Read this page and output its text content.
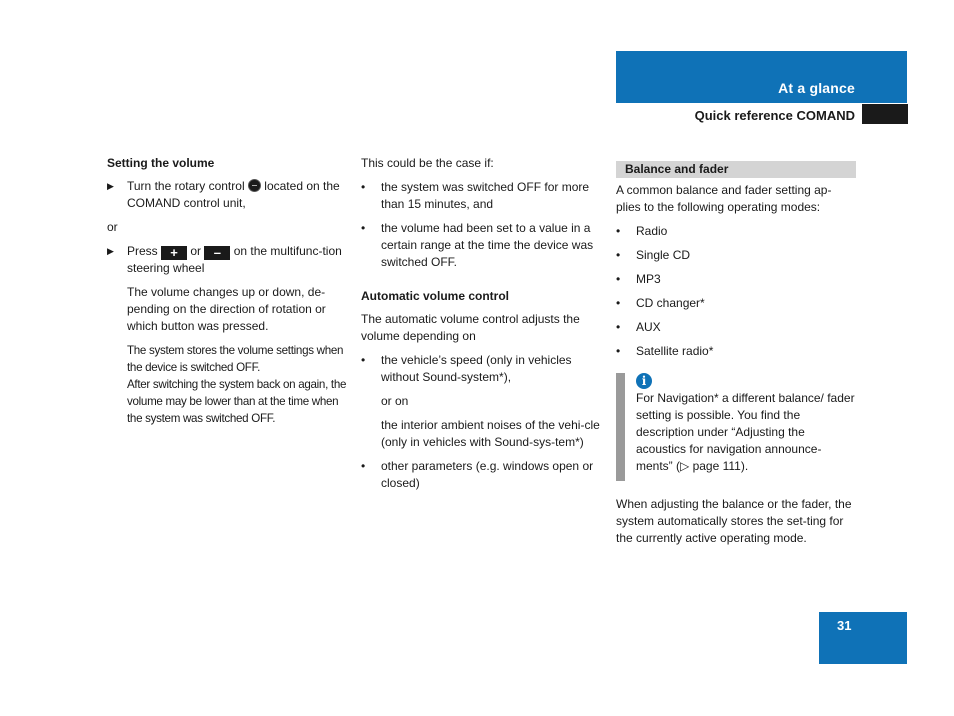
At a glance
Quick reference COMAND

Setting the volume

▶ Turn the rotary control located on the COMAND control unit,

or

▶ Press + or – on the multifunc-tion steering wheel

The volume changes up or down, de-pending on the direction of rotation or which button was pressed.

The system stores the volume settings when the device is switched OFF.

After switching the system back on again, the volume may be lower than at the time when the system was switched OFF.

This could be the case if:

• the system was switched OFF for more than 15 minutes, and
• the volume had been set to a value in a certain range at the time the device was switched OFF.

Automatic volume control

The automatic volume control adjusts the volume depending on

• the vehicle’s speed (only in vehicles without Sound-system*),

or on

the interior ambient noises of the vehi-cle (only in vehicles with Sound-sys-tem*)

• other parameters (e.g. windows open or closed)
Balance and fader

A common balance and fader setting ap-plies to the following operating modes:

• Radio
• Single CD
• MP3
• CD changer*
• AUX
• Satellite radio*
i

For Navigation* a different balance/ fader setting is possible. You find the description under “Adjusting the acoustics for navigation announce-ments” (▷ page 111).

When adjusting the balance or the fader, the system automatically stores the set-ting for the currently active operating mode.

31
